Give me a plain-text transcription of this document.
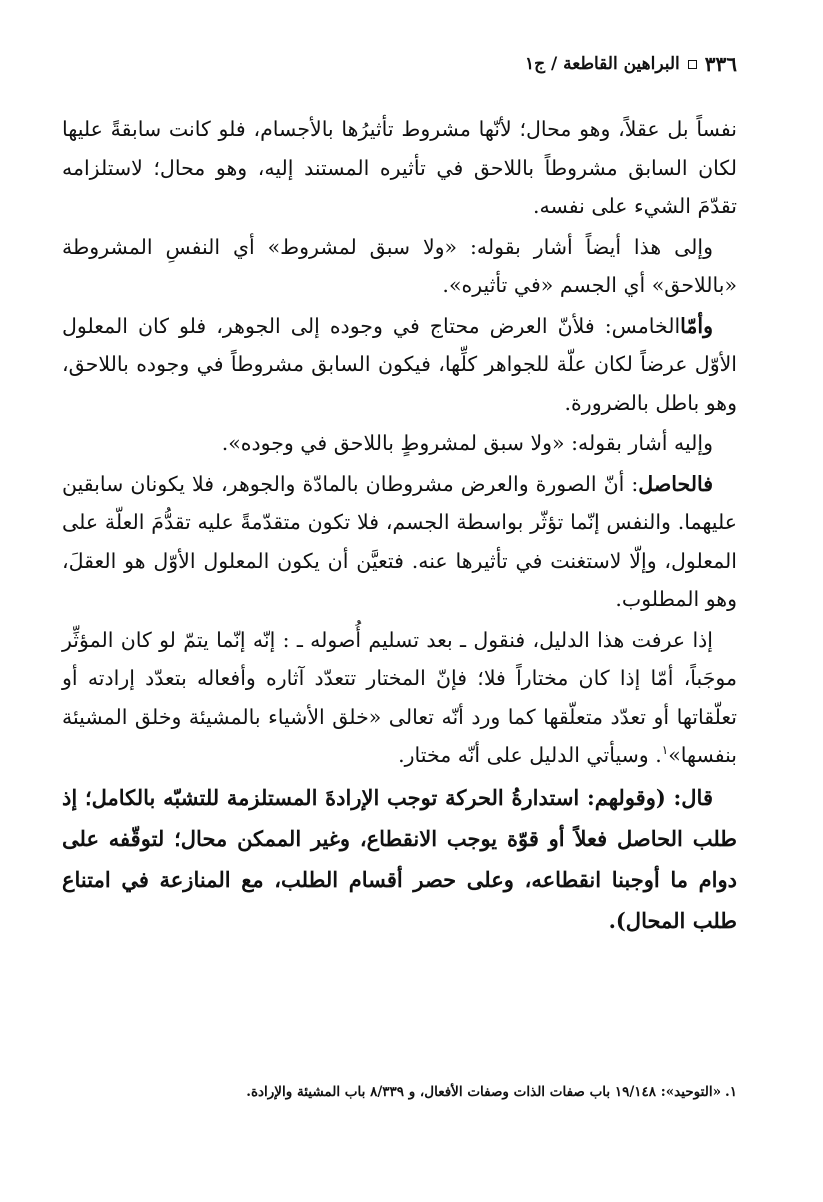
٣٣٦
البراهين القاطعة / ج١

نفساً بل عقلاً، وهو محال؛ لأنّها مشروط تأثيرُها بالأجسام، فلو كانت سابقةً عليها لكان السابق مشروطاً باللاحق في تأثيره المستند إليه، وهو محال؛ لاستلزامه تقدّمَ الشيء على نفسه.

وإلى هذا أيضاً أشار بقوله: «ولا سبق لمشروط» أي النفسِ المشروطة «باللاحق» أي الجسم «في تأثيره».

وأمّاالخامس: فلأنّ العرض محتاج في وجوده إلى الجوهر، فلو كان المعلول الأوّل عرضاً لكان علّة للجواهر كلِّها، فيكون السابق مشروطاً في وجوده باللاحق، وهو باطل بالضرورة.

وإليه أشار بقوله: «ولا سبق لمشروطٍ باللاحق في وجوده».

فالحاصل: أنّ الصورة والعرض مشروطان بالمادّة والجوهر، فلا يكونان سابقين عليهما. والنفس إنّما تؤثّر بواسطة الجسم، فلا تكون متقدّمةً عليه تقدُّمَ العلّة على المعلول، وإلّا لاستغنت في تأثيرها عنه. فتعيَّن أن يكون المعلول الأوّل هو العقلَ، وهو المطلوب.

إذا عرفت هذا الدليل، فنقول ـ بعد تسليم أُصوله ـ : إنّه إنّما يتمّ لو كان المؤثِّر موجَباً، أمّا إذا كان مختاراً فلا؛ فإنّ المختار تتعدّد آثاره وأفعاله بتعدّد إرادته أو تعلّقاتها أو تعدّد متعلّقها كما ورد أنّه تعالى «خلق الأشياء بالمشيئة وخلق المشيئة بنفسها»$^١$. وسيأتي الدليل على أنّه مختار.

قال: (وقولهم: استدارةُ الحركة توجب الإرادةَ المستلزمة للتشبّه بالكامل؛ إذ طلب الحاصل فعلاً أو قوّة يوجب الانقطاع، وغير الممكن محال؛ لتوقّفه على دوام ما أوجبنا انقطاعه، وعلى حصر أقسام الطلب، مع المنازعة في امتناع طلب المحال).

١.«التوحيد»: ١٩/١٤٨ باب صفات الذات وصفات الأفعال، و ٨/٣٣٩ باب المشيئة والإرادة.
